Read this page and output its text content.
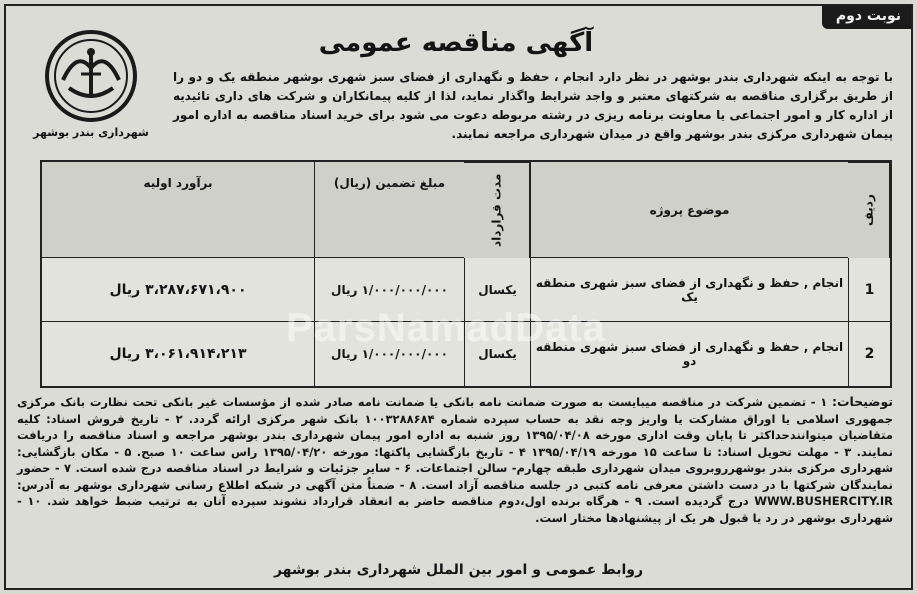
نوبت دوم
شهرداری بندر بوشهر
آگهی مناقصه عمومی
با توجه به اینکه شهرداری بندر بوشهر در نظر دارد انجام ، حفظ و نگهداری از فضای سبز شهری بوشهر منطقه یک و دو را از طریق برگزاری مناقصه به شرکتهای معتبر و واجد شرایط واگذار نماید، لذا از کلیه پیمانکاران و شرکت های داری تائیدیه از اداره کار و امور اجتماعی یا معاونت برنامه ریزی در رشته مربوطه دعوت می شود برای خرید اسناد مناقصه به اداره امور پیمان شهرداری مرکزی بندر بوشهر واقع در میدان شهرداری مراجعه نمایند.
ردیف
موضوع پروژه
مدت قرارداد
مبلغ تضمین (ریال)
برآورد اولیه
1
انجام , حفظ و نگهداری از فضای سبز شهری منطقه یک
یکسال
۱/۰۰۰/۰۰۰/۰۰۰ ریال
۳،۲۸۷،۶۷۱،۹۰۰ ریال
2
انجام , حفظ و نگهداری از فضای سبز شهری منطقه دو
یکسال
۱/۰۰۰/۰۰۰/۰۰۰ ریال
۳،۰۶۱،۹۱۴،۲۱۳ ریال
ParsNamadData
توضیحات: ۱ - تضمین شرکت در مناقصه میبایست به صورت ضمانت نامه بانکی یا ضمانت نامه صادر شده از مؤسسات غیر بانکی تحت نظارت بانک مرکزی جمهوری اسلامی یا اوراق مشارکت یا واریز وجه نقد به حساب سپرده شماره ۱۰۰۳۲۸۸۶۸۴ بانک شهر مرکزی ارائه گردد. ۲ - تاریخ فروش اسناد: کلیه متقاضیان میتوانندحداکثر تا پایان وقت اداری مورخه ۱۳۹۵/۰۴/۰۸ روز شنبه به اداره امور پیمان شهرداری بندر بوشهر مراجعه و اسناد مناقصه را دریافت نمایند. ۳ - مهلت تحویل اسناد: تا ساعت ۱۵ مورخه ۱۳۹۵/۰۴/۱۹ ۴ - تاریخ بازگشایی پاکتها: مورخه ۱۳۹۵/۰۴/۲۰ راس ساعت ۱۰ صبح. ۵ - مکان بازگشایی: شهرداری مرکزی بندر بوشهرروبروی میدان شهرداری طبقه چهارم- سالن اجتماعات. ۶ - سایر جزئیات و شرایط در اسناد مناقصه درج شده است. ۷ - حضور نمایندگان شرکتها با در دست داشتن معرفی نامه کتبی در جلسه مناقصه آزاد است. ۸ - ضمناً متن آگهی در شبکه اطلاع رسانی شهرداری بوشهر به آدرس: WWW.BUSHERCITY.IR درج گردیده است. ۹ - هرگاه برنده اول،دوم مناقصه حاضر به انعقاد قرارداد نشوند سپرده آنان به ترتیب ضبط خواهد شد. ۱۰ - شهرداری بوشهر در رد یا قبول هر یک از پیشنهادها مختار است.
روابط عمومی و امور بین الملل شهرداری بندر بوشهر
